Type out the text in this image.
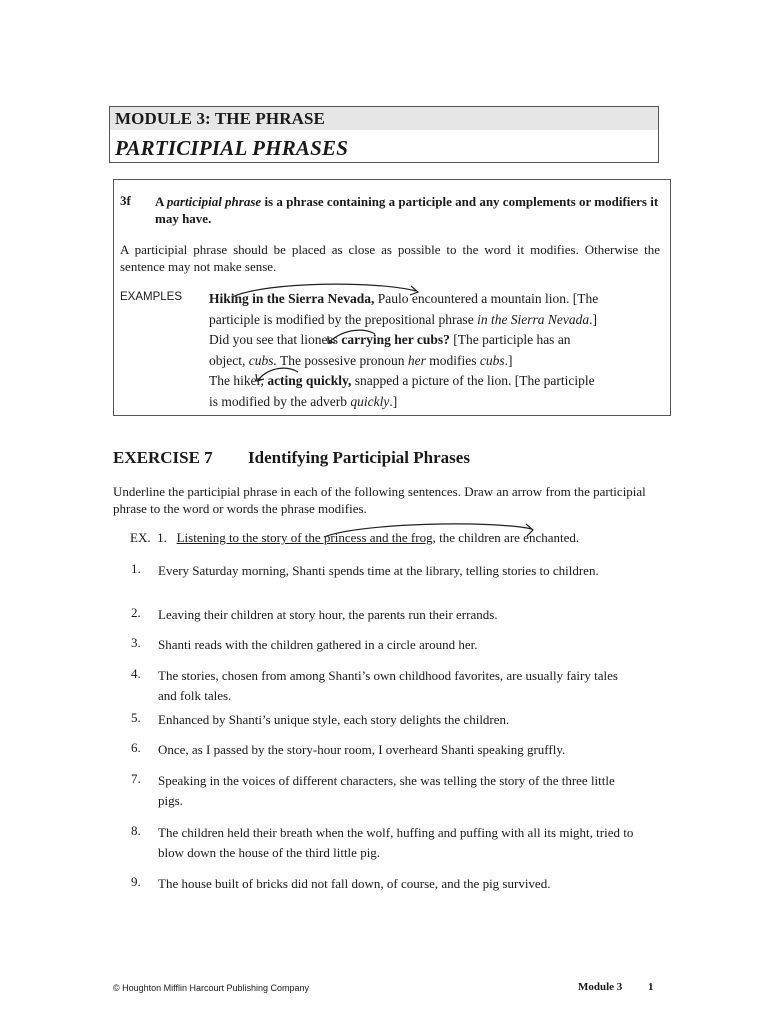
MODULE 3: THE PHRASE
PARTICIPIAL PHRASES
3f A participial phrase is a phrase containing a participle and any complements or modifiers it may have.
A participial phrase should be placed as close as possible to the word it modifies. Otherwise the sentence may not make sense.
EXAMPLES Hiking in the Sierra Nevada, Paulo encountered a mountain lion. [The
participle is modified by the prepositional phrase in the Sierra Nevada.]
Did you see that lioness carrying her cubs? [The participle has an
object, cubs. The possesive pronoun her modifies cubs.]
The hiker, acting quickly, snapped a picture of the lion. [The participle
is modified by the adverb quickly.]
EXERCISE 7 Identifying Participial Phrases
Underline the participial phrase in each of the following sentences. Draw an arrow from the participial phrase to the word or words the phrase modifies.
EX. 1. Listening to the story of the princess and the frog, the children are enchanted.
1.	Every Saturday morning, Shanti spends time at the library, telling stories to children.
2.	Leaving their children at story hour, the parents run their errands.
3.	Shanti reads with the children gathered in a circle around her.
4.	The stories, chosen from among Shanti’s own childhood favorites, are usually fairy tales and folk tales.
5.	Enhanced by Shanti’s unique style, each story delights the children.
6.	Once, as I passed by the story-hour room, I overheard Shanti speaking gruffly.
7.	Speaking in the voices of different characters, she was telling the story of the three little pigs.
8.	The children held their breath when the wolf, huffing and puffing with all its might, tried to blow down the house of the third little pig.
9.	The house built of bricks did not fall down, of course, and the pig survived.
© Houghton Mifflin Harcourt Publishing Company	Module 3 1
